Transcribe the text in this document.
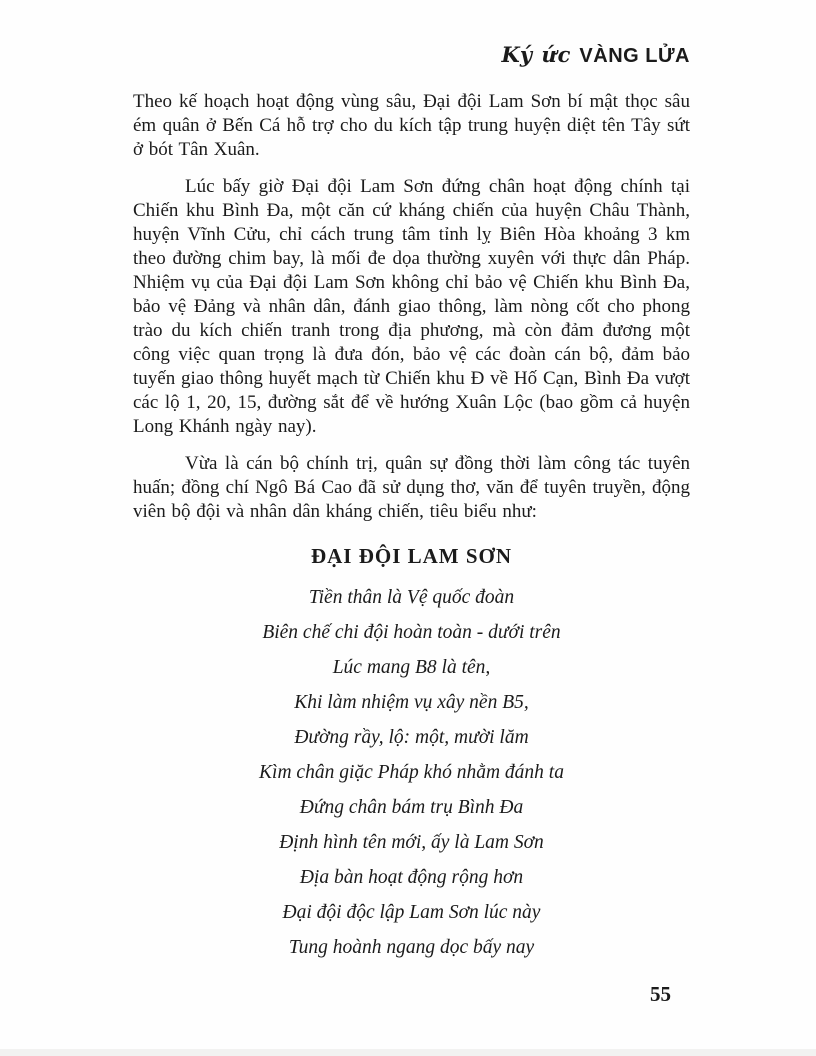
Ký ức VÀNG LỬA
Theo kế hoạch hoạt động vùng sâu, Đại đội Lam Sơn bí mật thọc sâu ém quân ở Bến Cá hỗ trợ cho du kích tập trung huyện diệt tên Tây sứt ở bót Tân Xuân.
Lúc bấy giờ Đại đội Lam Sơn đứng chân hoạt động chính tại Chiến khu Bình Đa, một căn cứ kháng chiến của huyện Châu Thành, huyện Vĩnh Cửu, chỉ cách trung tâm tỉnh lỵ Biên Hòa khoảng 3 km theo đường chim bay, là mối đe dọa thường xuyên với thực dân Pháp. Nhiệm vụ của Đại đội Lam Sơn không chỉ bảo vệ Chiến khu Bình Đa, bảo vệ Đảng và nhân dân, đánh giao thông, làm nòng cốt cho phong trào du kích chiến tranh trong địa phương, mà còn đảm đương một công việc quan trọng là đưa đón, bảo vệ các đoàn cán bộ, đảm bảo tuyến giao thông huyết mạch từ Chiến khu Đ về Hố Cạn, Bình Đa vượt các lộ 1, 20, 15, đường sắt để về hướng Xuân Lộc (bao gồm cả huyện Long Khánh ngày nay).
Vừa là cán bộ chính trị, quân sự đồng thời làm công tác tuyên huấn; đồng chí Ngô Bá Cao đã sử dụng thơ, văn để tuyên truyền, động viên bộ đội và nhân dân kháng chiến, tiêu biểu như:
ĐẠI ĐỘI LAM SƠN
Tiền thân là Vệ quốc đoàn
Biên chế chi đội hoàn toàn - dưới trên
Lúc mang B8 là tên,
Khi làm nhiệm vụ xây nền B5,
Đường rầy, lộ: một, mười lăm
Kìm chân giặc Pháp khó nhằm đánh ta
Đứng chân bám trụ Bình Đa
Định hình tên mới, ấy là Lam Sơn
Địa bàn hoạt động rộng hơn
Đại đội độc lập Lam Sơn lúc này
Tung hoành ngang dọc bấy nay
55
